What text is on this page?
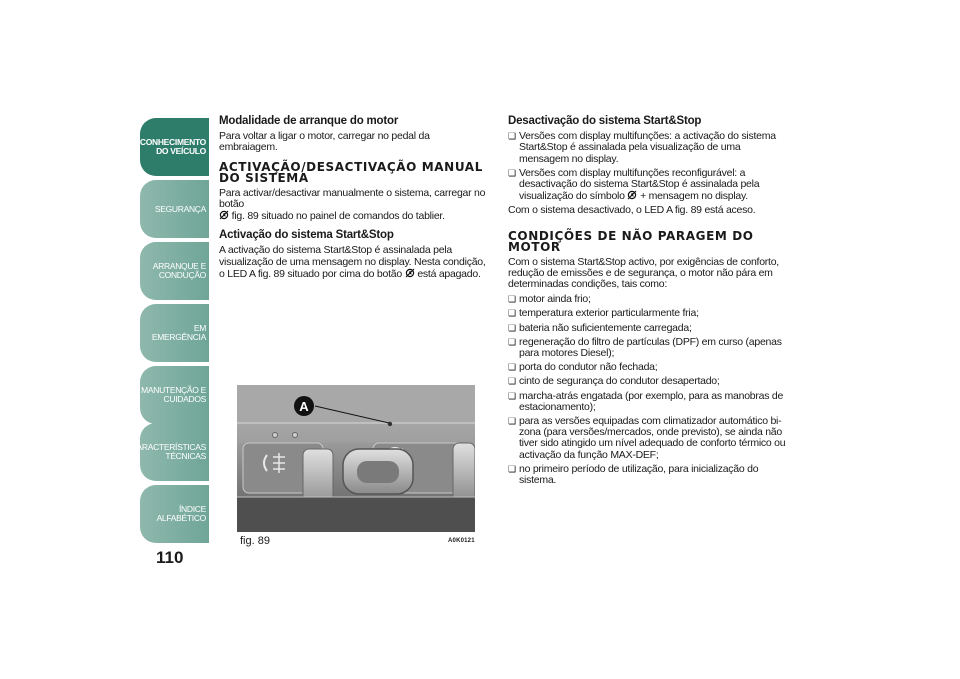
CONHECIMENTO DO VEÍCULO
SEGURANÇA
ARRANQUE E CONDUÇÃO
EM EMERGÊNCIA
MANUTENÇÃO E CUIDADOS
CARACTERÍSTICAS TÉCNICAS
ÍNDICE ALFABÉTICO
110
Modalidade de arranque do motor

Para voltar a ligar o motor, carregar no pedal da embraiagem.

ACTIVAÇÃO/DESACTIVAÇÃO MANUAL DO SISTEMA

Para activar/desactivar manualmente o sistema, carregar no botão

fig. 89 situado no painel de comandos do tablier.

Activação do sistema Start&Stop

A activação do sistema Start&Stop é assinalada pela visualização de uma mensagem no display. Nesta condição, o LED A fig. 89 situado por cima do botão está apagado.

A
fig. 89	A0K0121
Desactivação do sistema Start&Stop
❏ Versões com display multifunções: a activação do sistema Start&Stop é assinalada pela visualização de uma mensagem no display.
❏ Versões com display multifunções reconfigurável: a desactivação do sistema Start&Stop é assinalada pela visualização do símbolo + mensagem no display.

Com o sistema desactivado, o LED A fig. 89 está aceso.

CONDIÇÕES DE NÃO PARAGEM DO MOTOR

Com o sistema Start&Stop activo, por exigências de conforto, redução de emissões e de segurança, o motor não pára em determinadas condições, tais como:

❏ motor ainda frio;
❏ temperatura exterior particularmente fria;
❏ bateria não suficientemente carregada;
❏ regeneração do filtro de partículas (DPF) em curso (apenas para motores Diesel);
❏ porta do condutor não fechada;
❏ cinto de segurança do condutor desapertado;
❏ marcha-atrás engatada (por exemplo, para as manobras de estacionamento);
❏ para as versões equipadas com climatizador automático bi-zona (para versões/mercados, onde previsto), se ainda não tiver sido atingido um nível adequado de conforto térmico ou activação da função MAX-DEF;
❏ no primeiro período de utilização, para inicialização do sistema.
